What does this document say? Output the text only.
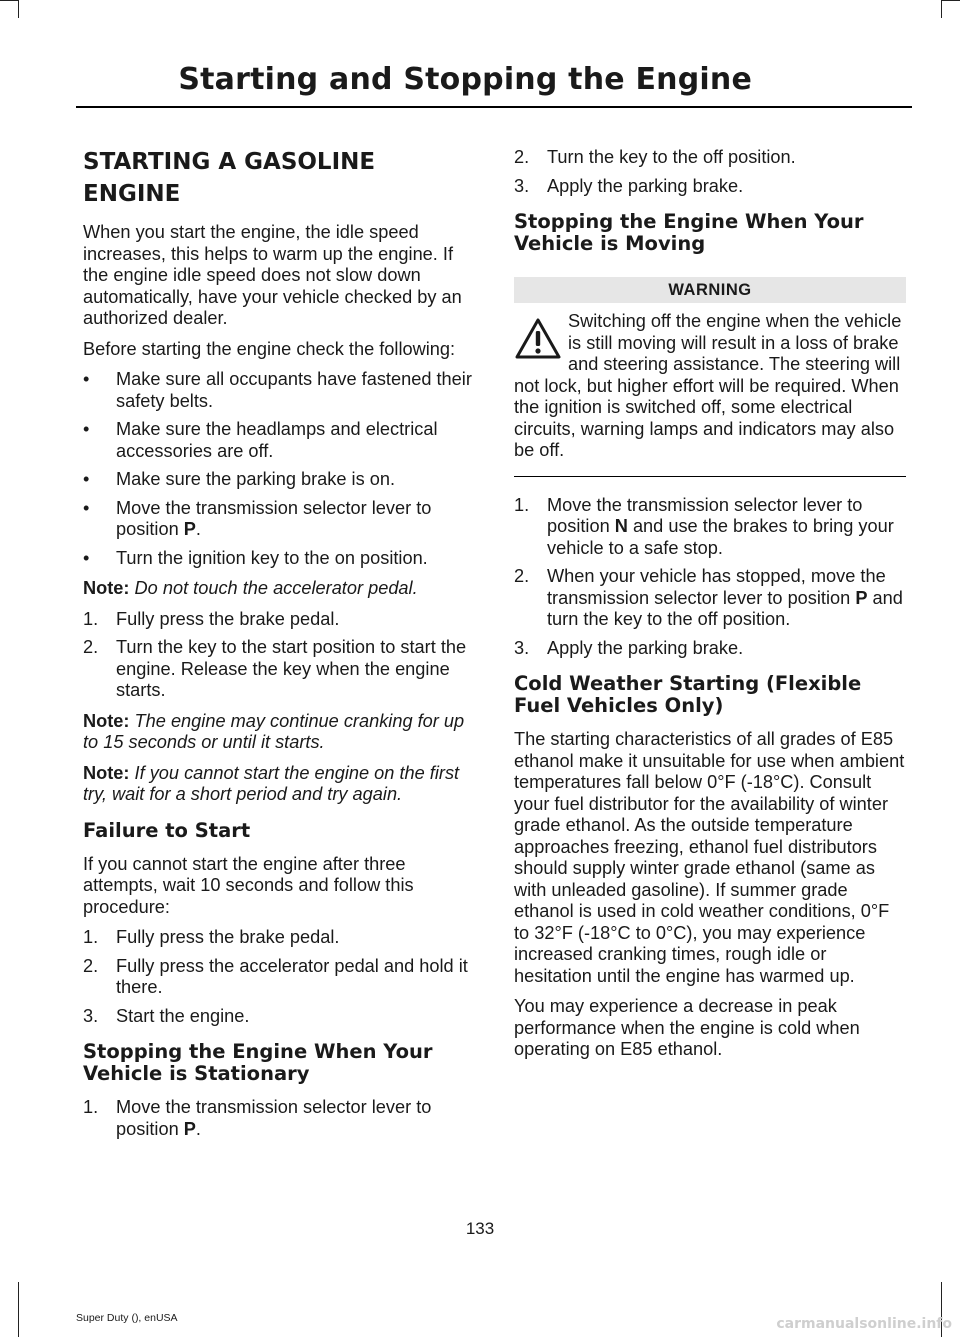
Starting and Stopping the Engine
STARTING A GASOLINE
ENGINE

When you start the engine, the idle speed increases, this helps to warm up the engine. If the engine idle speed does not slow down automatically, have your vehicle checked by an authorized dealer.

Before starting the engine check the following:

• Make sure all occupants have fastened their safety belts.
• Make sure the headlamps and electrical accessories are off.
• Make sure the parking brake is on.
• Move the transmission selector lever to position P.
• Turn the ignition key to the on position.

Note: Do not touch the accelerator pedal.

1. Fully press the brake pedal.
2. Turn the key to the start position to start the engine. Release the key when the engine starts.

Note: The engine may continue cranking for up to 15 seconds or until it starts.

Note: If you cannot start the engine on the first try, wait for a short period and try again.

Failure to Start

If you cannot start the engine after three attempts, wait 10 seconds and follow this procedure:

1. Fully press the brake pedal.
2. Fully press the accelerator pedal and hold it there.
3. Start the engine.
Stopping the Engine When Your Vehicle is Stationary
1. Move the transmission selector lever to position P.
2. Turn the key to the off position.
3. Apply the parking brake.
Stopping the Engine When Your Vehicle is Moving
WARNING
Switching off the engine when the vehicle is still moving will result in a loss of brake and steering assistance. The steering will not lock, but higher effort will be required. When the ignition is switched off, some electrical circuits, warning lamps and indicators may also be off.
1. Move the transmission selector lever to position N and use the brakes to bring your vehicle to a safe stop.
2. When your vehicle has stopped, move the transmission selector lever to position P and turn the key to the off position.
3. Apply the parking brake.
Cold Weather Starting (Flexible Fuel Vehicles Only)

The starting characteristics of all grades of E85 ethanol make it unsuitable for use when ambient temperatures fall below 0°F (-18°C). Consult your fuel distributor for the availability of winter grade ethanol. As the outside temperature approaches freezing, ethanol fuel distributors should supply winter grade ethanol (same as with unleaded gasoline). If summer grade ethanol is used in cold weather conditions, 0°F to 32°F (-18°C to 0°C), you may experience increased cranking times, rough idle or hesitation until the engine has warmed up.

You may experience a decrease in peak performance when the engine is cold when operating on E85 ethanol.

133
Super Duty (), enUSA	carmanualsonline.info
